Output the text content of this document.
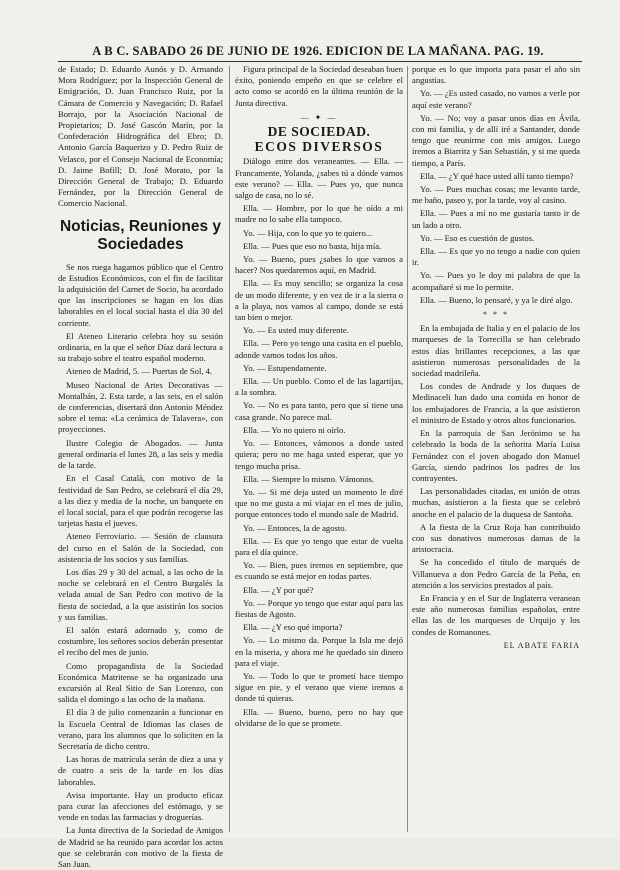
A B C. SABADO 26 DE JUNIO DE 1926. EDICION DE LA MAÑANA. PAG. 19.

de Estado; D. Eduardo Aunós y D. Armando Mora Rodríguez; por la Inspección General de Emigración, D. Juan Francisco Ruiz, por la Cámara de Comercio y Navegación; D. Rafael Borrajo, por la Asociación Nacional de Propietarios; D. José Gascón Marín, por la Confederación Hidrográfica del Ebro; D. Antonio García Baquerizo y D. Pedro Ruiz de Velasco, por el Consejo Nacional de Economía; D. Jaime Bofill; D. José Morato, por la Dirección General de Trabajo; D. Eduardo Fernández, por la Dirección General de Comercio Nacional.

Noticias, Reuniones y Sociedades

Se nos ruega hagamos público que el Centro de Estudios Económicos, con el fin de facilitar la adquisición del Carnet de Socio, ha acordado que las inscripciones se hagan en los días laborables en el local social hasta el día 30 del corriente.

El Ateneo Literario celebra hoy su sesión ordinaria, en la que el señor Díaz dará lectura a su trabajo sobre el teatro español moderno.

Ateneo de Madrid, 5. — Puertas de Sol, 4.

Museo Nacional de Artes Decorativas — Montalbán, 2. Esta tarde, a las seis, en el salón de conferencias, disertará don Antonio Méndez sobre el tema: «La cerámica de Talavera», con proyecciones.

Ilustre Colegio de Abogados. — Junta general ordinaria el lunes 28, a las seis y media de la tarde.

En el Casal Català, con motivo de la festividad de San Pedro, se celebrará el día 29, a las diez y media de la noche, un banquete en el local social, para el que podrán recogerse las tarjetas hasta el jueves.

Ateneo Ferroviario. — Sesión de clausura del curso en el Salón de la Sociedad, con asistencia de los socios y sus familias.

Los días 29 y 30 del actual, a las ocho de la noche se celebrará en el Centro Burgalés la velada anual de San Pedro con motivo de la fiesta de sociedad, a la que asistirán los socios y sus familias.

El salón estará adornado y, como de costumbre, los señores socios deberán presentar el recibo del mes de junio.

Como propagandista de la Sociedad Económica Matritense se ha organizado una excursión al Real Sitio de San Lorenzo, con salida el domingo a las ocho de la mañana.

El día 3 de julio comenzarán a funcionar en la Escuela Central de Idiomas las clases de verano, para los alumnos que lo soliciten en la Secretaría de dicho centro.

Las horas de matrícula serán de diez a una y de cuatro a seis de la tarde en los días laborables.

Avisa importante. Hay un producto eficaz para curar las afecciones del estómago, y se vende en todas las farmacias y droguerías.

La Junta directiva de la Sociedad de Amigos de Madrid se ha reunido para acordar los actos que se celebrarán con motivo de la fiesta de San Juan.

Figura principal de la Sociedad deseaban buen éxito, poniendo empeño en que se celebre el acto como se acordó en la última reunión de la Junta directiva.

— ✦ —
DE SOCIEDAD.
ECOS DIVERSOS

Diálogo entre dos veraneantes. — Ella. — Francamente, Yolanda, ¿sabes tú a dónde vamos este verano? — Ella. — Pues yo, que nunca salgo de casa, no lo sé.

Ella. — Hombre, por lo que he oído a mi madre no lo sabe ella tampoco.

Yo. — Hija, con lo que yo te quiero...

Ella. — Pues que eso no basta, hija mía.

Yo. — Bueno, pues ¿sabes lo que vamos a hacer? Nos quedaremos aquí, en Madrid.

Ella. — Es muy sencillo; se organiza la cosa de un modo diferente, y en vez de ir a la sierra o a la playa, nos vamos al campo, donde se está tan bien o mejor.

Yo. — Es usted muy diferente.

Ella. — Pero yo tengo una casita en el pueblo, adonde vamos todos los años.

Yo. — Estupendamente.

Ella. — Un pueblo. Como el de las lagartijas, a la sombra.

Yo. — No es para tanto, pero que sí tiene una casa grande. No parece mal.

Ella. — Yo no quiero ni oírlo.

Yo. — Entonces, vámonos a donde usted quiera; pero no me haga usted esperar, que yo tengo mucha prisa.

Ella. — Siempre lo mismo. Vámonos.

Yo. — Si me deja usted un momento le diré que no me gusta a mí viajar en el mes de julio, porque entonces todo el mundo sale de Madrid.

Yo. — Entonces, la de agosto.

Ella. — Es que yo tengo que estar de vuelta para el día quince.

Yo. — Bien, pues iremos en septiembre, que es cuando se está mejor en todas partes.

Ella. — ¿Y por qué?

Yo. — Porque yo tengo que estar aquí para las fiestas de Agosto.

Ella. — ¿Y eso qué importa?

Yo. — Lo mismo da. Porque la Isla me dejó en la miseria, y ahora me he quedado sin dinero para el viaje.

Yo. — Todo lo que te prometí hace tiempo sigue en pie, y el verano que viene iremos a donde tú quieras.

Ella. — Bueno, bueno, pero no hay que olvidarse de lo que se promete.

porque es lo que importa para pasar el año sin angustias.

Yo. — ¿Es usted casado, no vamos a verle por aquí este verano?

Yo. — No; voy a pasar unos días en Ávila, con mi familia, y de allí iré a Santander, donde tengo que reunirme con mis amigos. Luego iremos a Biarritz y San Sebastián, y si me queda tiempo, a París.

Ella. — ¿Y qué hace usted allí tanto tiempo?

Yo. — Pues muchas cosas; me levanto tarde, me baño, paseo y, por la tarde, voy al casino.

Ella. — Pues a mí no me gustaría tanto ir de un lado a otro.

Yo. — Eso es cuestión de gustos.

Ella. — Es que yo no tengo a nadie con quien ir.

Yo. — Pues yo le doy mi palabra de que la acompañaré si me lo permite.

Ella. — Bueno, lo pensaré, y ya le diré algo.

* * *

En la embajada de Italia y en el palacio de los marqueses de la Torrecilla se han celebrado estos días brillantes recepciones, a las que asistieron numerosas personalidades de la sociedad madrileña.

Los condes de Andrade y los duques de Medinaceli han dado una comida en honor de los embajadores de Francia, a la que asistieron el ministro de Estado y otros altos funcionarios.

En la parroquia de San Jerónimo se ha celebrado la boda de la señorita María Luisa Fernández con el joven abogado don Manuel García, siendo padrinos los padres de los contrayentes.

Las personalidades citadas, en unión de otras muchas, asistieron a la fiesta que se celebró anoche en el palacio de la duquesa de Santoña.

A la fiesta de la Cruz Roja han contribuido con sus donativos numerosas damas de la aristocracia.

Se ha concedido el título de marqués de Villanueva a don Pedro García de la Peña, en atención a los servicios prestados al país.

En Francia y en el Sur de Inglaterra veranean este año numerosas familias españolas, entre ellas las de los marqueses de Urquijo y los condes de Romanones.

EL ABATE FARIA
